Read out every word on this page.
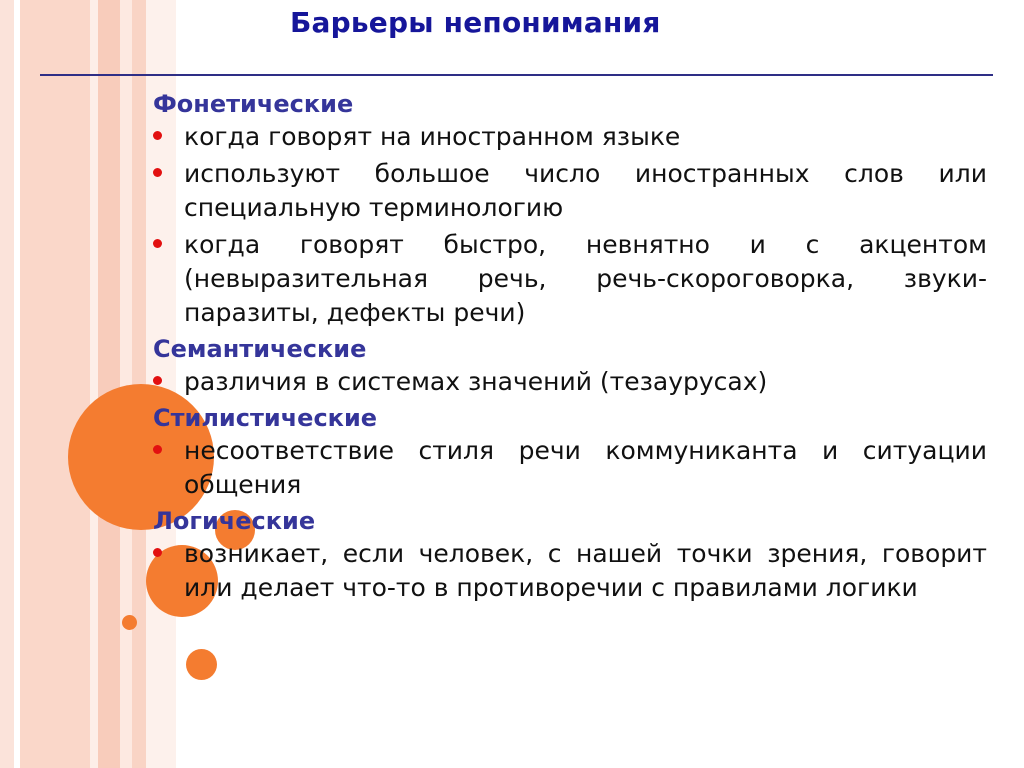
Барьеры непонимания

Фонетические

когда говорят на иностранном языке
используют большое число иностранных слов или специальную терминологию
когда говорят быстро, невнятно и с акцентом (невыразительная речь, речь-скороговорка, звуки-паразиты, дефекты речи)

Семантические

различия в системах значений (тезаурусах)

Стилистические

несоответствие стиля речи коммуниканта и ситуации общения

Логические

возникает, если человек, с нашей точки зрения, говорит или делает что-то в противоречии с правилами логики
